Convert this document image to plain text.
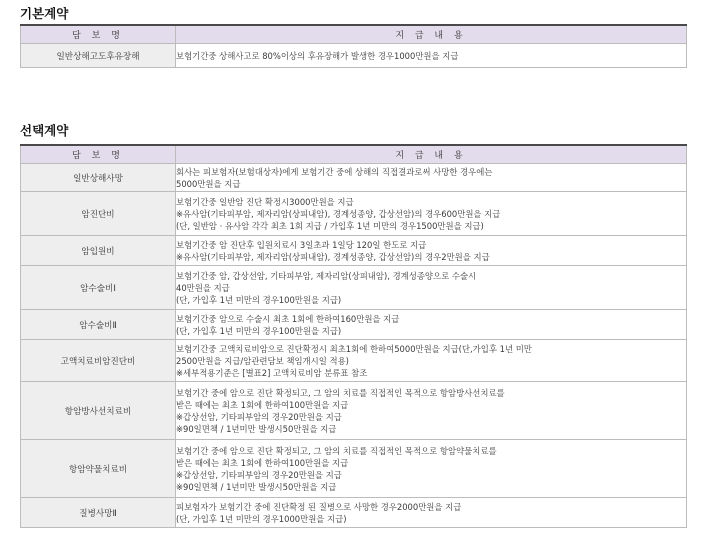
기본계약
담 보 명	지 급 내 용
일반상해고도후유장해	보험기간중 상해사고로 80%이상의 후유장해가 발생한 경우1000만원을 지급
선택계약
담 보 명	지 급 내 용
일반상해사망	회사는 피보험자(보험대상자)에게 보험기간 중에 상해의 직접결과로써 사망한 경우에는
5000만원을 지급

암진단비	보험기간중 일반암 진단 확정시3000만원을 지급
※유사암(기타피부암, 제자리암(상피내암), 경계성종양, 갑상선암)의 경우600만원을 지급
(단, 일반암 · 유사암 각각 최초 1회 지급 / 가입후 1년 미만의 경우1500만원을 지급)

암입원비	보험기간중 암 진단후 입원치료시 3일초과 1일당 120일 한도로 지급
※유사암(기타피부암, 제자리암(상피내암), 경계성종양, 갑상선암)의 경우2만원을 지급

암수술비Ⅰ	보험기간중 암, 갑상선암, 기타피부암, 제자리암(상피내암), 경계성종양으로 수술시
40만원을 지급
(단, 가입후 1년 미만의 경우100만원을 지급)

암수술비Ⅱ	보험기간중 암으로 수술시 최초 1회에 한하여160만원을 지급
(단, 가입후 1년 미만의 경우100만원을 지급)

고액치료비암진단비	보험기간중 고액치료비암으로 진단확정시 최초1회에 한하여5000만원을 지급(단,가입후 1년 미만
2500만원을 지급/암관련담보 책임개시일 적용)
※세부적용기준은 [별표2] 고액치료비암 분류표 참조

항암방사선치료비	보험기간 중에 암으로 진단 확정되고, 그 암의 치료를 직접적인 목적으로 항암방사선치료를
받은 때에는 최초 1회에 한하여100만원을 지급
※갑상선암, 기타피부암의 경우20만원을 지급
※90일면책 / 1년미만 발생시50만원을 지급

항암약물치료비	보험기간 중에 암으로 진단 확정되고, 그 암의 치료를 직접적인 목적으로 항암약물치료를
받은 때에는 최초 1회에 한하여100만원을 지급
※갑상선암, 기타피부암의 경우20만원을 지급
※90일면책 / 1년미만 발생시50만원을 지급

질병사망Ⅱ	피보험자가 보험기간 중에 진단확정 된 질병으로 사망한 경우2000만원을 지급
(단, 가입후 1년 미만의 경우1000만원을 지급)
